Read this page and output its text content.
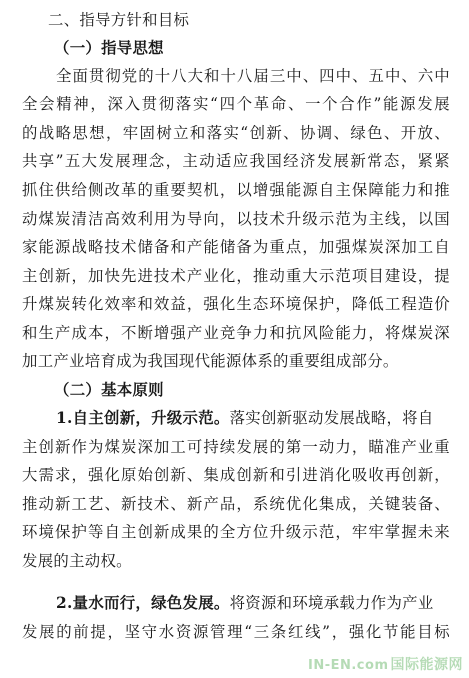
二、指导方针和目标
（一）指导思想
全面贯彻党的十八大和十八届三中、四中、五中、六中
全会精神，深入贯彻落实“四个革命、一个合作”能源发展
的战略思想，牢固树立和落实“创新、协调、绿色、开放、
共享”五大发展理念，主动适应我国经济发展新常态，紧紧
抓住供给侧改革的重要契机，以增强能源自主保障能力和推
动煤炭清洁高效利用为导向，以技术升级示范为主线，以国
家能源战略技术储备和产能储备为重点，加强煤炭深加工自
主创新，加快先进技术产业化，推动重大示范项目建设，提
升煤炭转化效率和效益，强化生态环境保护，降低工程造价
和生产成本，不断增强产业竞争力和抗风险能力，将煤炭深
加工产业培育成为我国现代能源体系的重要组成部分。
（二）基本原则
1.自主创新，升级示范。落实创新驱动发展战略，将自
主创新作为煤炭深加工可持续发展的第一动力，瞄准产业重
大需求，强化原始创新、集成创新和引进消化吸收再创新，
推动新工艺、新技术、新产品，系统优化集成，关键装备、
环境保护等自主创新成果的全方位升级示范，牢牢掌握未来
发展的主动权。
2.量水而行，绿色发展。将资源和环境承载力作为产业
发展的前提，坚守水资源管理“三条红线”，强化节能目标
IN-EN.com 国际能源网
